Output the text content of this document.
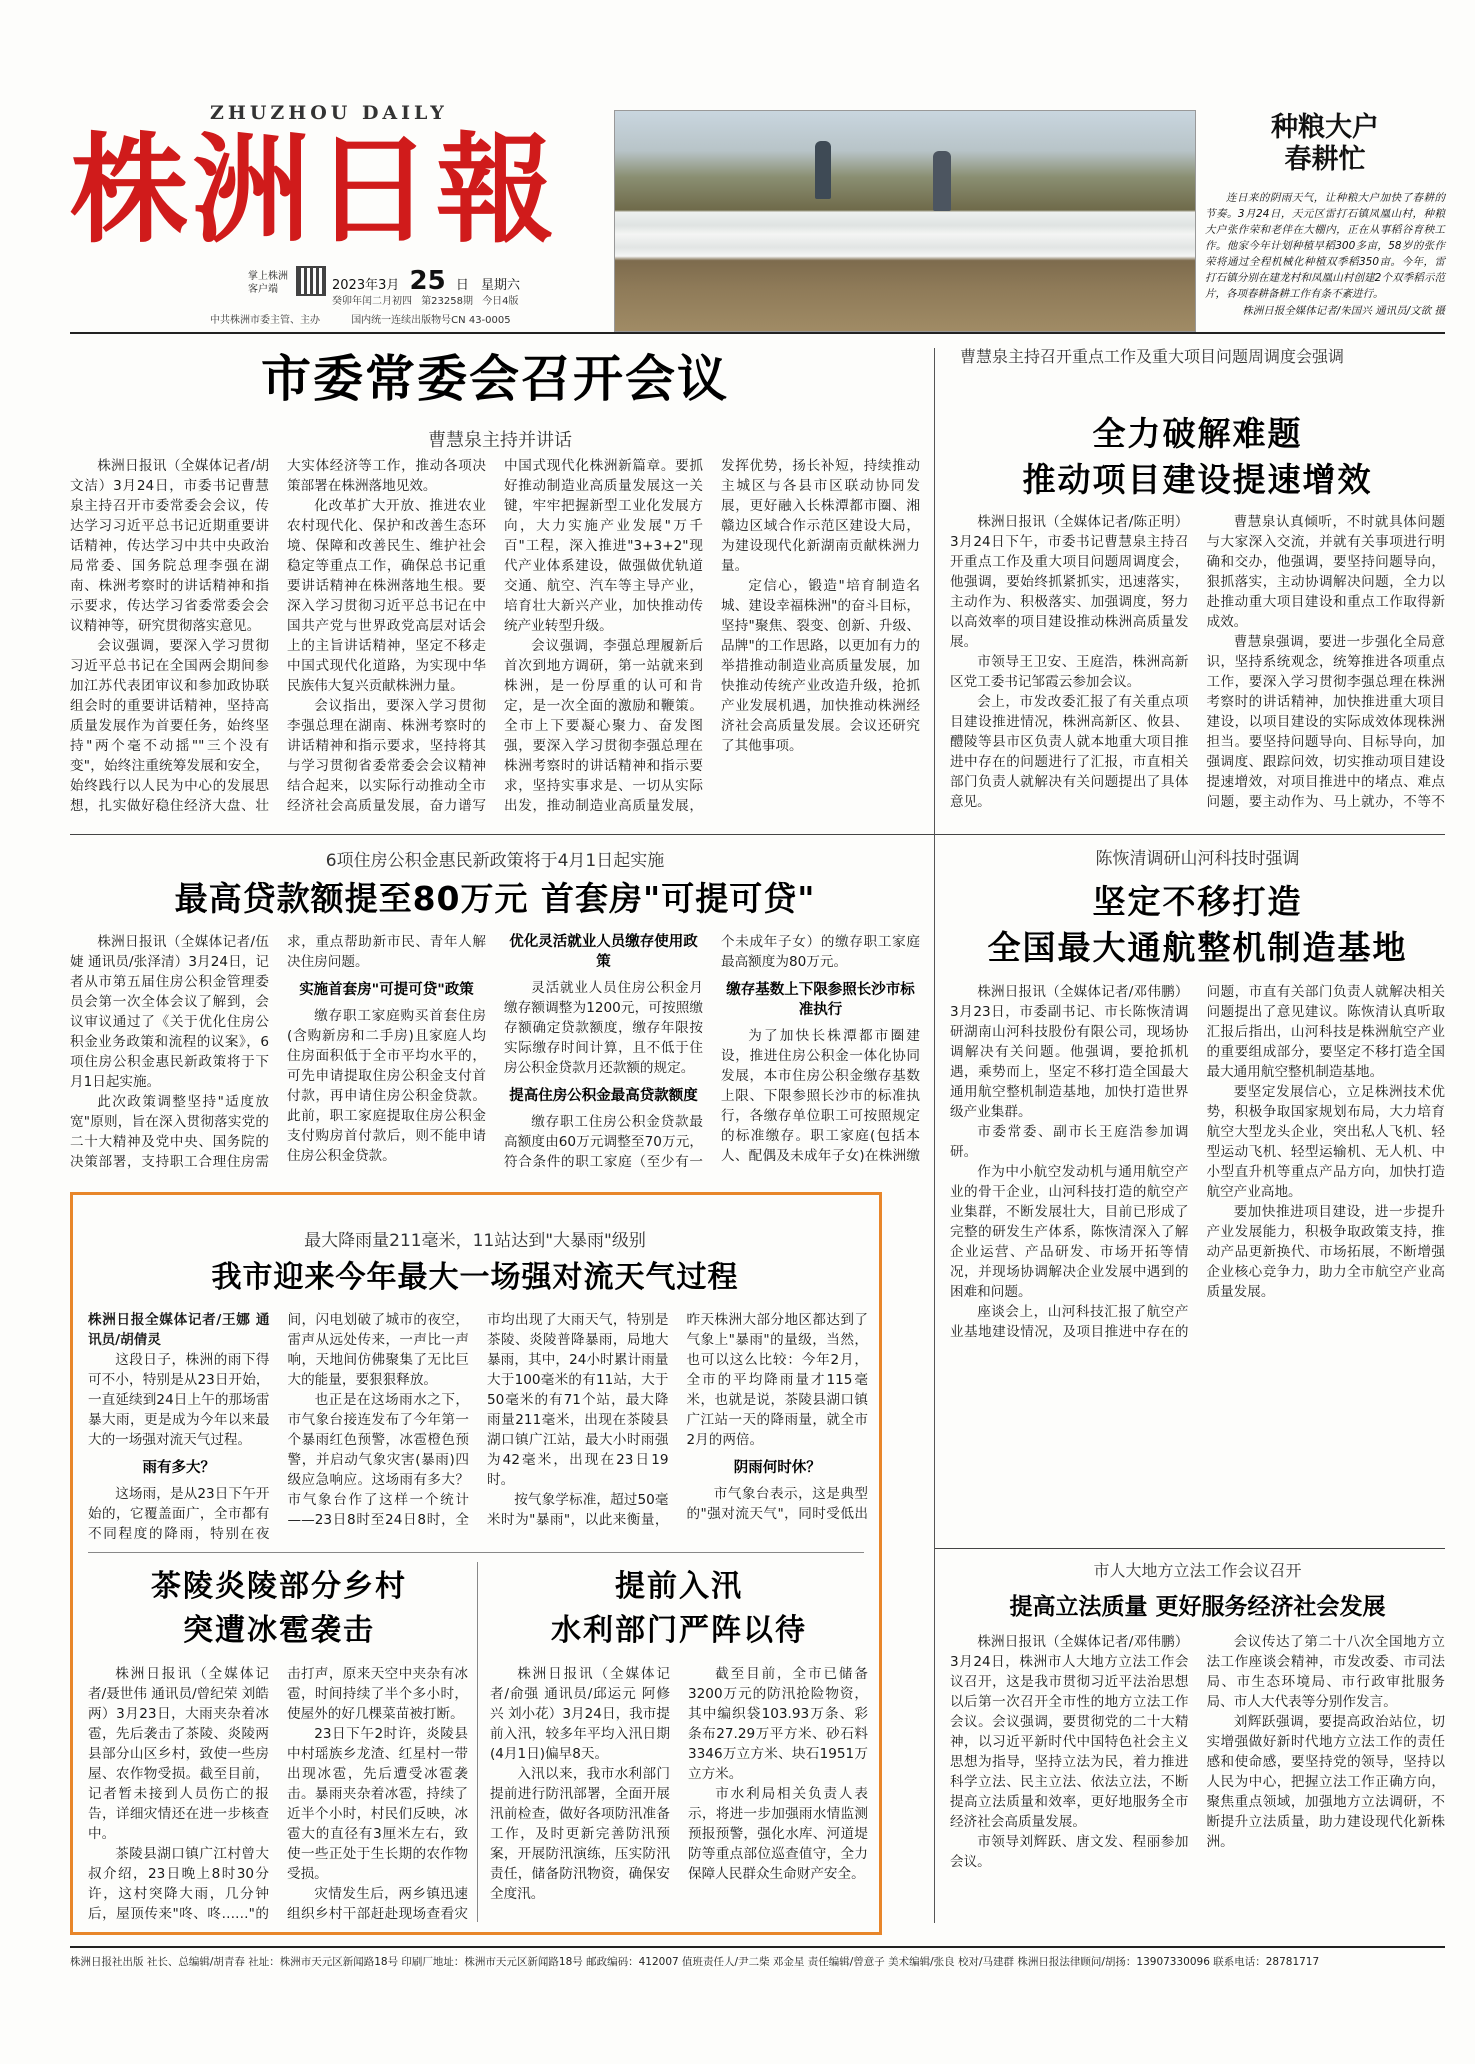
ZHUZHOU DAILY
株洲日報
掌上株洲
客户端	2023年3月 25 日 星期六
癸卯年闰二月初四 第23258期 今日4版
中共株洲市委主管、主办	国内统一连续出版物号CN 43-0005
种粮大户
春耕忙
连日来的阴雨天气，让种粮大户加快了春耕的节奏。3月24日，天元区雷打石镇凤凰山村，种粮大户张作荣和老伴在大棚内，正在从事稻谷育秧工作。他家今年计划种植早稻300多亩，58岁的张作荣将通过全程机械化种植双季稻350亩。今年，雷打石镇分别在建龙村和凤凰山村创建2个双季稻示范片，各项春耕备耕工作有条不紊进行。
株洲日报全媒体记者/朱国兴 通讯员/文欲 摄
市委常委会召开会议
曹慧泉主持并讲话

株洲日报讯（全媒体记者/胡文洁）3月24日，市委书记曹慧泉主持召开市委常委会会议，传达学习习近平总书记近期重要讲话精神，传达学习中共中央政治局常委、国务院总理李强在湖南、株洲考察时的讲话精神和指示要求，传达学习省委常委会会议精神等，研究贯彻落实意见。

会议强调，要深入学习贯彻习近平总书记在全国两会期间参加江苏代表团审议和参加政协联组会时的重要讲话精神，坚持高质量发展作为首要任务，始终坚持"两个毫不动摇""三个没有变"，始终注重统筹发展和安全，始终践行以人民为中心的发展思想，扎实做好稳住经济大盘、壮大实体经济等工作，推动各项决策部署在株洲落地见效。

化改革扩大开放、推进农业农村现代化、保护和改善生态环境、保障和改善民生、维护社会稳定等重点工作，确保总书记重要讲话精神在株洲落地生根。要深入学习贯彻习近平总书记在中国共产党与世界政党高层对话会上的主旨讲话精神，坚定不移走中国式现代化道路，为实现中华民族伟大复兴贡献株洲力量。

会议指出，要深入学习贯彻李强总理在湖南、株洲考察时的讲话精神和指示要求，坚持将其与学习贯彻省委常委会会议精神结合起来，以实际行动推动全市经济社会高质量发展，奋力谱写中国式现代化株洲新篇章。要抓好推动制造业高质量发展这一关键，牢牢把握新型工业化发展方向，大力实施产业发展"万千百"工程，深入推进"3+3+2"现代产业体系建设，做强做优轨道交通、航空、汽车等主导产业，培育壮大新兴产业，加快推动传统产业转型升级。

会议强调，李强总理履新后首次到地方调研，第一站就来到株洲，是一份厚重的认可和肯定，是一次全面的激励和鞭策。全市上下要凝心聚力、奋发图强，要深入学习贯彻李强总理在株洲考察时的讲话精神和指示要求，坚持实事求是、一切从实际出发，推动制造业高质量发展，发挥优势，扬长补短，持续推动主城区与各县市区联动协同发展，更好融入长株潭都市圈、湘赣边区域合作示范区建设大局，为建设现代化新湖南贡献株洲力量。

定信心，锻造"培育制造名城、建设幸福株洲"的奋斗目标，坚持"聚焦、裂变、创新、升级、品牌"的工作思路，以更加有力的举措推动制造业高质量发展，加快推动传统产业改造升级，抢抓产业发展机遇，加快推动株洲经济社会高质量发展。会议还研究了其他事项。

曹慧泉主持召开重点工作及重大项目问题周调度会强调
全力破解难题
推动项目建设提速增效

株洲日报讯（全媒体记者/陈正明）3月24日下午，市委书记曹慧泉主持召开重点工作及重大项目问题周调度会，他强调，要始终抓紧抓实，迅速落实，主动作为、积极落实、加强调度，努力以高效率的项目建设推动株洲高质量发展。

市领导王卫安、王庭浩，株洲高新区党工委书记邹霞云参加会议。

会上，市发改委汇报了有关重点项目建设推进情况，株洲高新区、攸县、醴陵等县市区负责人就本地重大项目推进中存在的问题进行了汇报，市直相关部门负责人就解决有关问题提出了具体意见。

曹慧泉认真倾听，不时就具体问题与大家深入交流，并就有关事项进行明确和交办，他强调，要坚持问题导向，狠抓落实，主动协调解决问题，全力以赴推动重大项目建设和重点工作取得新成效。

曹慧泉强调，要进一步强化全局意识，坚持系统观念，统筹推进各项重点工作，要深入学习贯彻李强总理在株洲考察时的讲话精神，加快推进重大项目建设，以项目建设的实际成效体现株洲担当。要坚持问题导向、目标导向，加强调度、跟踪问效，切实推动项目建设提速增效，对项目推进中的堵点、难点问题，要主动作为、马上就办，不等不

6项住房公积金惠民新政策将于4月1日起实施
最高贷款额提至80万元 首套房"可提可贷"

株洲日报讯（全媒体记者/伍婕 通讯员/张泽清）3月24日，记者从市第五届住房公积金管理委员会第一次全体会议了解到，会议审议通过了《关于优化住房公积金业务政策和流程的议案》，6项住房公积金惠民新政策将于下月1日起实施。

此次政策调整坚持"适度放宽"原则，旨在深入贯彻落实党的二十大精神及党中央、国务院的决策部署，支持职工合理住房需求，重点帮助新市民、青年人解决住房问题。

实施首套房"可提可贷"政策

缴存职工家庭购买首套住房(含购新房和二手房)且家庭人均住房面积低于全市平均水平的，可先申请提取住房公积金支付首付款，再申请住房公积金贷款。此前，职工家庭提取住房公积金支付购房首付款后，则不能申请住房公积金贷款。

优化灵活就业人员缴存使用政策

灵活就业人员住房公积金月缴存额调整为1200元，可按照缴存额确定贷款额度，缴存年限按实际缴存时间计算，且不低于住房公积金贷款月还款额的规定。

提高住房公积金最高贷款额度

缴存职工住房公积金贷款最高额度由60万元调整至70万元，符合条件的职工家庭（至少有一个未成年子女）的缴存职工家庭最高额度为80万元。

缴存基数上下限参照长沙市标准执行

为了加快长株潭都市圈建设，推进住房公积金一体化协同发展，本市住房公积金缴存基数上限、下限参照长沙市的标准执行，各缴存单位职工可按照规定的标准缴存。职工家庭(包括本人、配偶及未成年子女)在株洲缴

陈恢清调研山河科技时强调
坚定不移打造
全国最大通航整机制造基地

株洲日报讯（全媒体记者/邓伟鹏）3月23日，市委副书记、市长陈恢清调研湖南山河科技股份有限公司，现场协调解决有关问题。他强调，要抢抓机遇，乘势而上，坚定不移打造全国最大通用航空整机制造基地，加快打造世界级产业集群。

市委常委、副市长王庭浩参加调研。

作为中小航空发动机与通用航空产业的骨干企业，山河科技打造的航空产业集群，不断发展壮大，目前已形成了完整的研发生产体系，陈恢清深入了解企业运营、产品研发、市场开拓等情况，并现场协调解决企业发展中遇到的困难和问题。

座谈会上，山河科技汇报了航空产业基地建设情况，及项目推进中存在的问题，市直有关部门负责人就解决相关问题提出了意见建议。陈恢清认真听取汇报后指出，山河科技是株洲航空产业的重要组成部分，要坚定不移打造全国最大通用航空整机制造基地。

要坚定发展信心，立足株洲技术优势，积极争取国家规划布局，大力培育航空大型龙头企业，突出私人飞机、轻型运动飞机、轻型运输机、无人机、中小型直升机等重点产品方向，加快打造航空产业高地。

要加快推进项目建设，进一步提升产业发展能力，积极争取政策支持，推动产品更新换代、市场拓展，不断增强企业核心竞争力，助力全市航空产业高质量发展。

市人大地方立法工作会议召开
提高立法质量 更好服务经济社会发展

株洲日报讯（全媒体记者/邓伟鹏）3月24日，株洲市人大地方立法工作会议召开，这是我市贯彻习近平法治思想以后第一次召开全市性的地方立法工作会议。会议强调，要贯彻党的二十大精神，以习近平新时代中国特色社会主义思想为指导，坚持立法为民，着力推进科学立法、民主立法、依法立法，不断提高立法质量和效率，更好地服务全市经济社会高质量发展。

市领导刘辉跃、唐文发、程丽参加会议。

会议传达了第二十八次全国地方立法工作座谈会精神，市发改委、市司法局、市生态环境局、市行政审批服务局、市人大代表等分别作发言。

刘辉跃强调，要提高政治站位，切实增强做好新时代地方立法工作的责任感和使命感，要坚持党的领导，坚持以人民为中心，把握立法工作正确方向，聚焦重点领域，加强地方立法调研，不断提升立法质量，助力建设现代化新株洲。

最大降雨量211毫米，11站达到"大暴雨"级别
我市迎来今年最大一场强对流天气过程

株洲日报全媒体记者/王娜 通讯员/胡倩灵

这段日子，株洲的雨下得可不小，特别是从23日开始，一直延续到24日上午的那场雷暴大雨，更是成为今年以来最大的一场强对流天气过程。

雨有多大？

这场雨，是从23日下午开始的，它覆盖面广，全市都有不同程度的降雨，特别在夜间，闪电划破了城市的夜空，雷声从远处传来，一声比一声响，天地间仿佛聚集了无比巨大的能量，要狠狠释放。

也正是在这场雨水之下，市气象台接连发布了今年第一个暴雨红色预警，冰雹橙色预警，并启动气象灾害(暴雨)四级应急响应。这场雨有多大？市气象台作了这样一个统计——23日8时至24日8时，全市均出现了大雨天气，特别是茶陵、炎陵普降暴雨，局地大暴雨，其中，24小时累计雨量大于100毫米的有11站，大于50毫米的有71个站，最大降雨量211毫米，出现在茶陵县湖口镇广江站，最大小时雨强为42毫米，出现在23日19时。

按气象学标准，超过50毫米时为"暴雨"，以此来衡量，昨天株洲大部分地区都达到了气象上"暴雨"的量级，当然，也可以这么比较：今年2月，全市的平均降雨量才115毫米，也就是说，茶陵县湖口镇广江站一天的降雨量，就全市2月的两倍。

阴雨何时休？

市气象台表示，这是典型的"强对流天气"，同时受低出

茶陵炎陵部分乡村
突遭冰雹袭击

株洲日报讯（全媒体记者/聂世伟 通讯员/曾纪荣 刘皓两）3月23日，大雨夹杂着冰雹，先后袭击了茶陵、炎陵两县部分山区乡村，致使一些房屋、农作物受损。截至目前，记者暂未接到人员伤亡的报告，详细灾情还在进一步核查中。

茶陵县湖口镇广江村曾大叔介绍，23日晚上8时30分许，这村突降大雨，几分钟后，屋顶传来"咚、咚……"的击打声，原来天空中夹杂有冰雹，时间持续了半个多小时，使屋外的好几棵菜苗被打断。

23日下午2时许，炎陵县中村瑶族乡龙渣、红星村一带出现冰雹，先后遭受冰雹袭击。暴雨夹杂着冰雹，持续了近半个小时，村民们反映，冰雹大的直径有3厘米左右，致使一些正处于生长期的农作物受损。

灾情发生后，两乡镇迅速组织乡村干部赶赴现场查看灾

提前入汛
水利部门严阵以待

株洲日报讯（全媒体记者/俞强 通讯员/邱运元 阿修兴 刘小花）3月24日，我市提前入汛，较多年平均入汛日期(4月1日)偏早8天。

入汛以来，我市水利部门提前进行防汛部署，全面开展汛前检查，做好各项防汛准备工作，及时更新完善防汛预案，开展防汛演练，压实防汛责任，储备防汛物资，确保安全度汛。

截至目前，全市已储备3200万元的防汛抢险物资，其中编织袋103.93万条、彩条布27.29万平方米、砂石料3346万立方米、块石1951万立方米。

市水利局相关负责人表示，将进一步加强雨水情监测预报预警，强化水库、河道堤防等重点部位巡查值守，全力保障人民群众生命财产安全。

株洲日报社出版 社长、总编辑/胡青春 社址：株洲市天元区新闻路18号 印刷厂地址：株洲市天元区新闻路18号 邮政编码：412007 值班责任人/尹二柴 邓金星 责任编辑/曾意子 美术编辑/张良 校对/马建群 株洲日报法律顾问/胡扬：13907330096 联系电话：28781717
